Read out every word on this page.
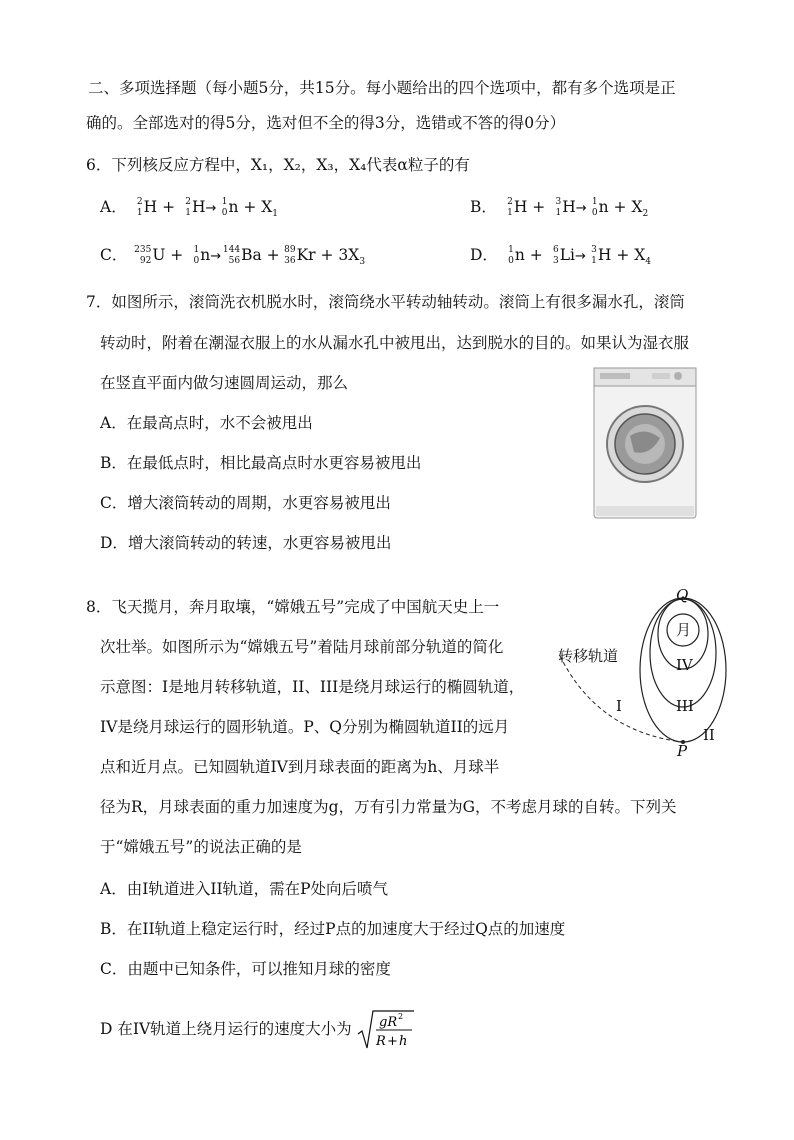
二、多项选择题（每小题5分，共15分。每小题给出的四个选项中，都有多个选项是正
确的。全部选对的得5分，选对但不全的得3分，选错或不答的得0分）
6．下列核反应方程中，X₁，X₂，X₃，X₄代表α粒子的有
A． 2
1 H + 2
1 H→ 1
0 $n + X_1$	B． 2
1 H + 3
1 H→ 1
0 $n + X_2$
C． 235
92 U + 1
0 n→ 144
56 Ba + 89
36 $Kr + 3X_3$	D． 1
0 n + 6
3 Li→ 3
1 $H + X_4$
7．如图所示，滚筒洗衣机脱水时，滚筒绕水平转动轴转动。滚筒上有很多漏水孔，滚筒
转动时，附着在潮湿衣服上的水从漏水孔中被甩出，达到脱水的目的。如果认为湿衣服
在竖直平面内做匀速圆周运动，那么
A．在最高点时，水不会被甩出
B．在最低点时，相比最高点时水更容易被甩出
C．增大滚筒转动的周期，水更容易被甩出
D．增大滚筒转动的转速，水更容易被甩出
8．飞天揽月，奔月取壤，“嫦娥五号”完成了中国航天史上一
次壮举。如图所示为“嫦娥五号”着陆月球前部分轨道的简化
示意图：I是地月转移轨道，II、III是绕月球运行的椭圆轨道，
IV是绕月球运行的圆形轨道。P、Q分别为椭圆轨道II的远月
点和近月点。已知圆轨道IV到月球表面的距离为h、月球半
径为R，月球表面的重力加速度为g，万有引力常量为G，不考虑月球的自转。下列关
于“嫦娥五号”的说法正确的是
A．由I轨道进入II轨道，需在P处向后喷气
B．在II轨道上稳定运行时，经过P点的加速度大于经过Q点的加速度
C．由题中已知条件，可以推知月球的密度
D 在IV轨道上绕月运行的速度大小为 gR 2
R + h
Q
月
转移轨道	IV
III
I
II
P
